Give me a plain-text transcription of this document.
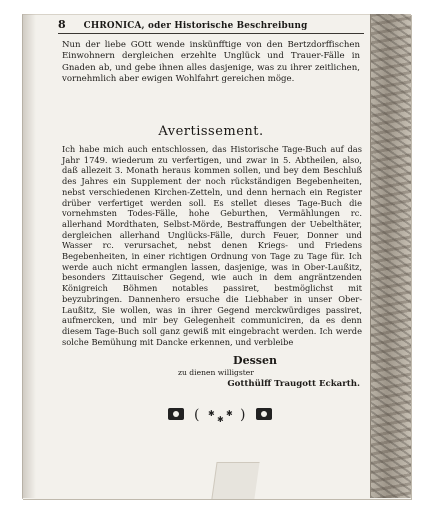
8 CHRONICA, oder Historische Beschreibung
Nun der liebe GOtt wende inskünfftige von den Bertzdorffischen Einwohnern dergleichen erzehlte Unglück und Trauer-Fälle in Gnaden ab, und gebe ihnen alles dasjenige, was zu ihrer zeitlichen, vornehmlich aber ewigen Wohlfahrt gereichen möge.
Avertissement.
Ich habe mich auch entschlossen, das Historische Tage-Buch auf das Jahr 1749. wiederum zu verfertigen, und zwar in 5. Abtheilen, also, daß allezeit 3. Monath heraus kommen sollen, und bey dem Beschluß des Jahres ein Supplement der noch rückständigen Begebenheiten, nebst verschiedenen Kirchen-Zetteln, und denn hernach ein Register drüber verfertiget werden soll. Es stellet dieses Tage-Buch die vornehmsten Todes-Fälle, hohe Geburthen, Vermählungen rc. allerhand Mordthaten, Selbst-Mörde, Bestraffungen der Uebelthäter, dergleichen allerhand Unglücks-Fälle, durch Feuer, Donner und Wasser rc. verursachet, nebst denen Kriegs- und Friedens Begebenheiten, in einer richtigen Ordnung von Tage zu Tage für. Ich werde auch nicht ermanglen lassen, dasjenige, was in Ober-Laußitz, besonders Zittauischer Gegend, wie auch in dem angräntzenden Königreich Böhmen notables passiret, bestmöglichst mit beyzubringen. Dannenhero ersuche die Liebhaber in unser Ober-Laußitz, Sie wollen, was in ihrer Gegend merckwürdiges passiret, aufmercken, und mir bey Gelegenheit communiciren, da es denn diesem Tage-Buch soll ganz gewiß mit eingebracht werden. Ich werde solche Bemühung mit Dancke erkennen, und verbleibe
Dessen
zu dienen willigster
Gotthülff Traugott Eckarth.
(	)
✱
✱
✱
